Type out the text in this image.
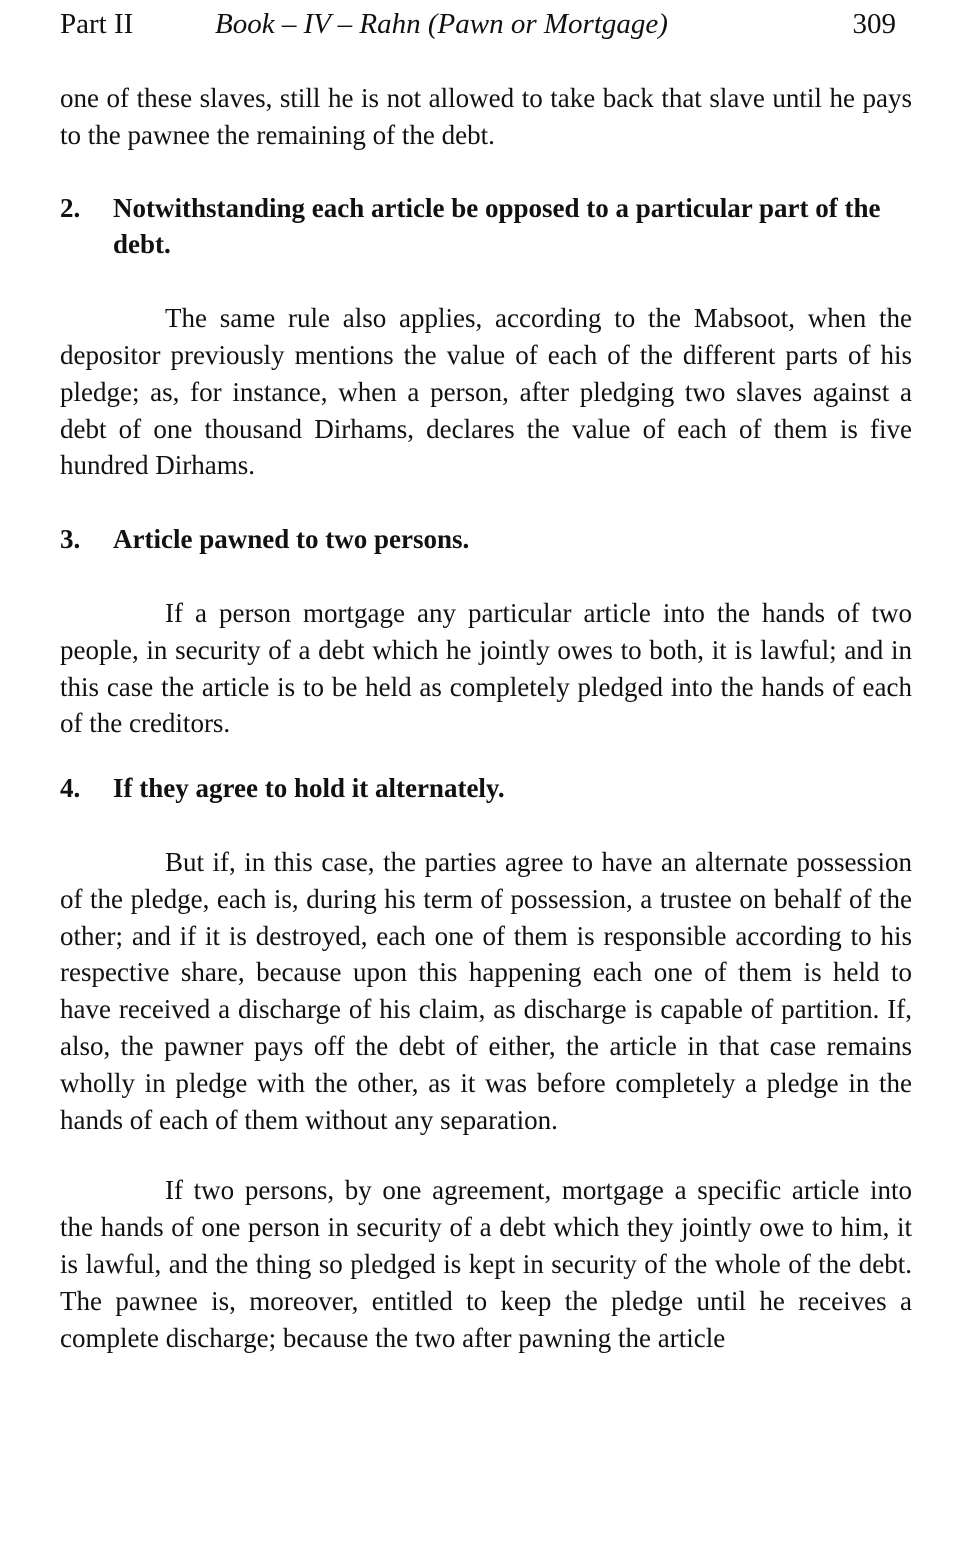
Part II	Book – IV – Rahn (Pawn or Mortgage)	309

one of these slaves, still he is not allowed to take back that slave until he pays to the pawnee the remaining of the debt.

2.	Notwithstanding each article be opposed to a particular part of the debt.

The same rule also applies, according to the Mabsoot, when the depositor previously mentions the value of each of the different parts of his pledge; as, for instance, when a person, after pledging two slaves against a debt of one thousand Dirhams, declares the value of each of them is five hundred Dirhams.

3.	Article pawned to two persons.

If a person mortgage any particular article into the hands of two people, in security of a debt which he jointly owes to both, it is lawful; and in this case the article is to be held as completely pledged into the hands of each of the creditors.

4.	If they agree to hold it alternately.

But if, in this case, the parties agree to have an alternate possession of the pledge, each is, during his term of possession, a trustee on behalf of the other; and if it is destroyed, each one of them is responsible according to his respective share, because upon this happening each one of them is held to have received a discharge of his claim, as discharge is capable of partition. If, also, the pawner pays off the debt of either, the article in that case remains wholly in pledge with the other, as it was before completely a pledge in the hands of each of them without any separation.

If two persons, by one agreement, mortgage a specific article into the hands of one person in security of a debt which they jointly owe to him, it is lawful, and the thing so pledged is kept in security of the whole of the debt. The pawnee is, moreover, entitled to keep the pledge until he receives a complete discharge; because the two after pawning the article
